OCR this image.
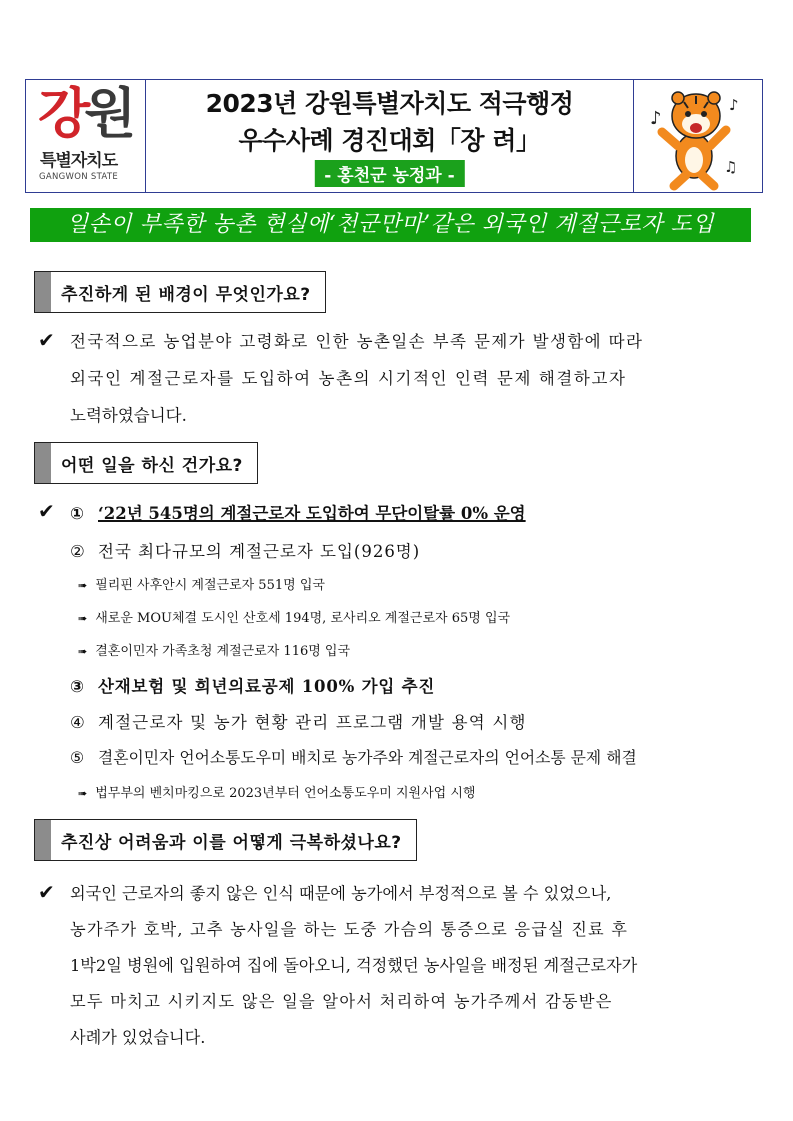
강원
특별자치도
GANGWON STATE
2023년 강원특별자치도 적극행정
우수사례 경진대회「장 려」
- 홍천군 농정과 -
♪
♪
♫
일손이 부족한 농촌 현실에‘천군만마’같은 외국인 계절근로자 도입
추진하게 된 배경이 무엇인가요?
✔ 전국적으로 농업분야 고령화로 인한 농촌일손 부족 문제가 발생함에 따라
외국인 계절근로자를 도입하여 농촌의 시기적인 인력 문제 해결하고자
노력하였습니다.
어떤 일을 하신 건가요?
✔ ① ‘22년 545명의 계절근로자 도입하여 무단이탈률 0% 운영
② 전국 최다규모의 계절근로자 도입(926명)
➠ 필리핀 사후안시 계절근로자 551명 입국
➠ 새로운 MOU체결 도시인 산호세 194명, 로사리오 계절근로자 65명 입국
➠ 결혼이민자 가족초청 계절근로자 116명 입국
③ 산재보험 및 희년의료공제 100% 가입 추진
④ 계절근로자 및 농가 현황 관리 프로그램 개발 용역 시행
⑤ 결혼이민자 언어소통도우미 배치로 농가주와 계절근로자의 언어소통 문제 해결
➠ 법무부의 벤치마킹으로 2023년부터 언어소통도우미 지원사업 시행
추진상 어려움과 이를 어떻게 극복하셨나요?
✔ 외국인 근로자의 좋지 않은 인식 때문에 농가에서 부정적으로 볼 수 있었으나,
농가주가 호박, 고추 농사일을 하는 도중 가슴의 통증으로 응급실 진료 후
1박2일 병원에 입원하여 집에 돌아오니, 걱정했던 농사일을 배정된 계절근로자가
모두 마치고 시키지도 않은 일을 알아서 처리하여 농가주께서 감동받은
사례가 있었습니다.
